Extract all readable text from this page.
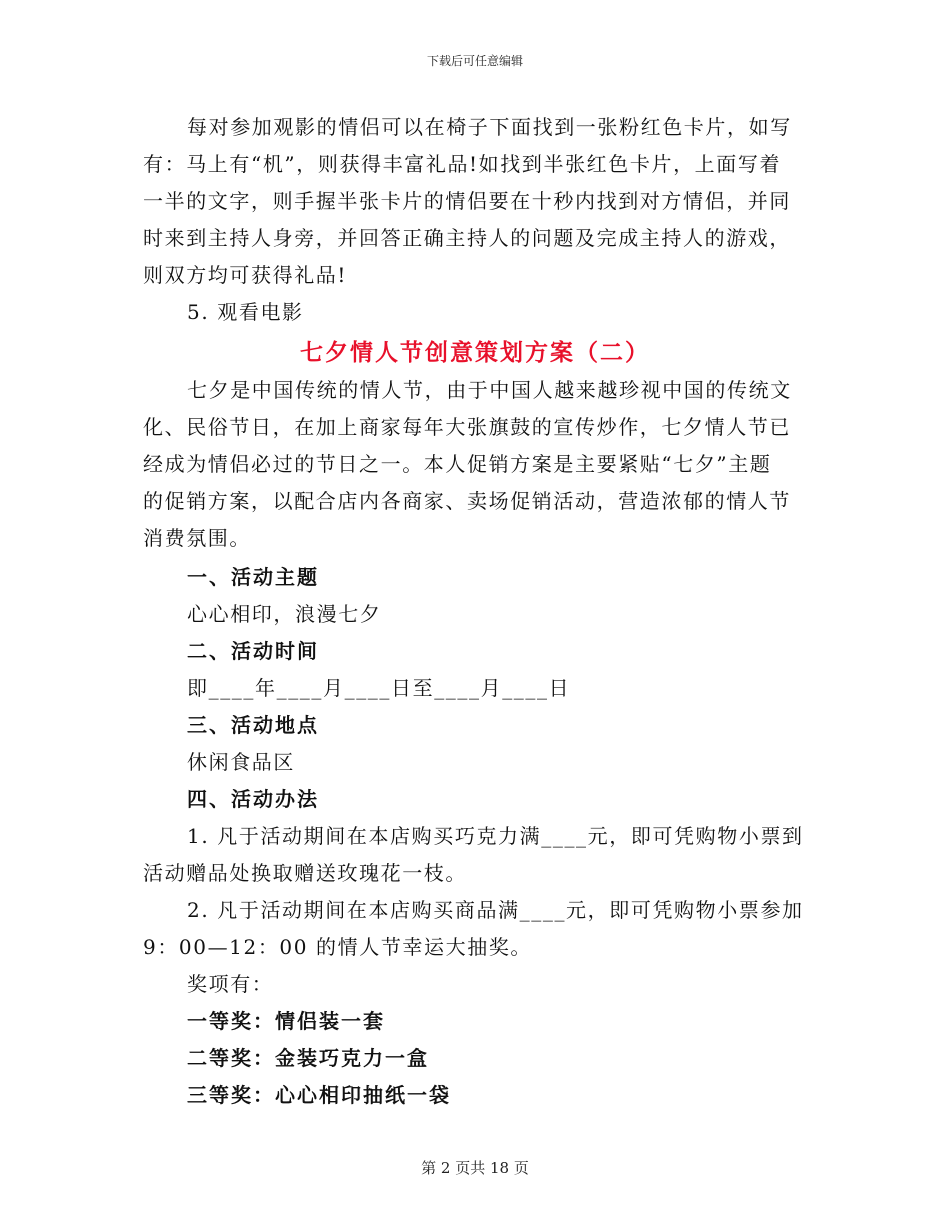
下载后可任意编辑
每对参加观影的情侣可以在椅子下面找到一张粉红色卡片，如写
有：马上有“机”，则获得丰富礼品!如找到半张红色卡片，上面写着
一半的文字，则手握半张卡片的情侣要在十秒内找到对方情侣，并同
时来到主持人身旁，并回答正确主持人的问题及完成主持人的游戏，
则双方均可获得礼品!
5. 观看电影
七夕情人节创意策划方案（二）
七夕是中国传统的情人节，由于中国人越来越珍视中国的传统文
化、民俗节日，在加上商家每年大张旗鼓的宣传炒作，七夕情人节已
经成为情侣必过的节日之一。本人促销方案是主要紧贴“七夕”主题
的促销方案，以配合店内各商家、卖场促销活动，营造浓郁的情人节
消费氛围。
一、活动主题
心心相印，浪漫七夕
二、活动时间
即____年____月____日至____月____日
三、活动地点
休闲食品区
四、活动办法
1. 凡于活动期间在本店购买巧克力满____元，即可凭购物小票到
活动赠品处换取赠送玫瑰花一枝。
2. 凡于活动期间在本店购买商品满____元，即可凭购物小票参加
9：00—12：00 的情人节幸运大抽奖。
奖项有：
一等奖：情侣装一套
二等奖：金装巧克力一盒
三等奖：心心相印抽纸一袋
第 2 页共 18 页
